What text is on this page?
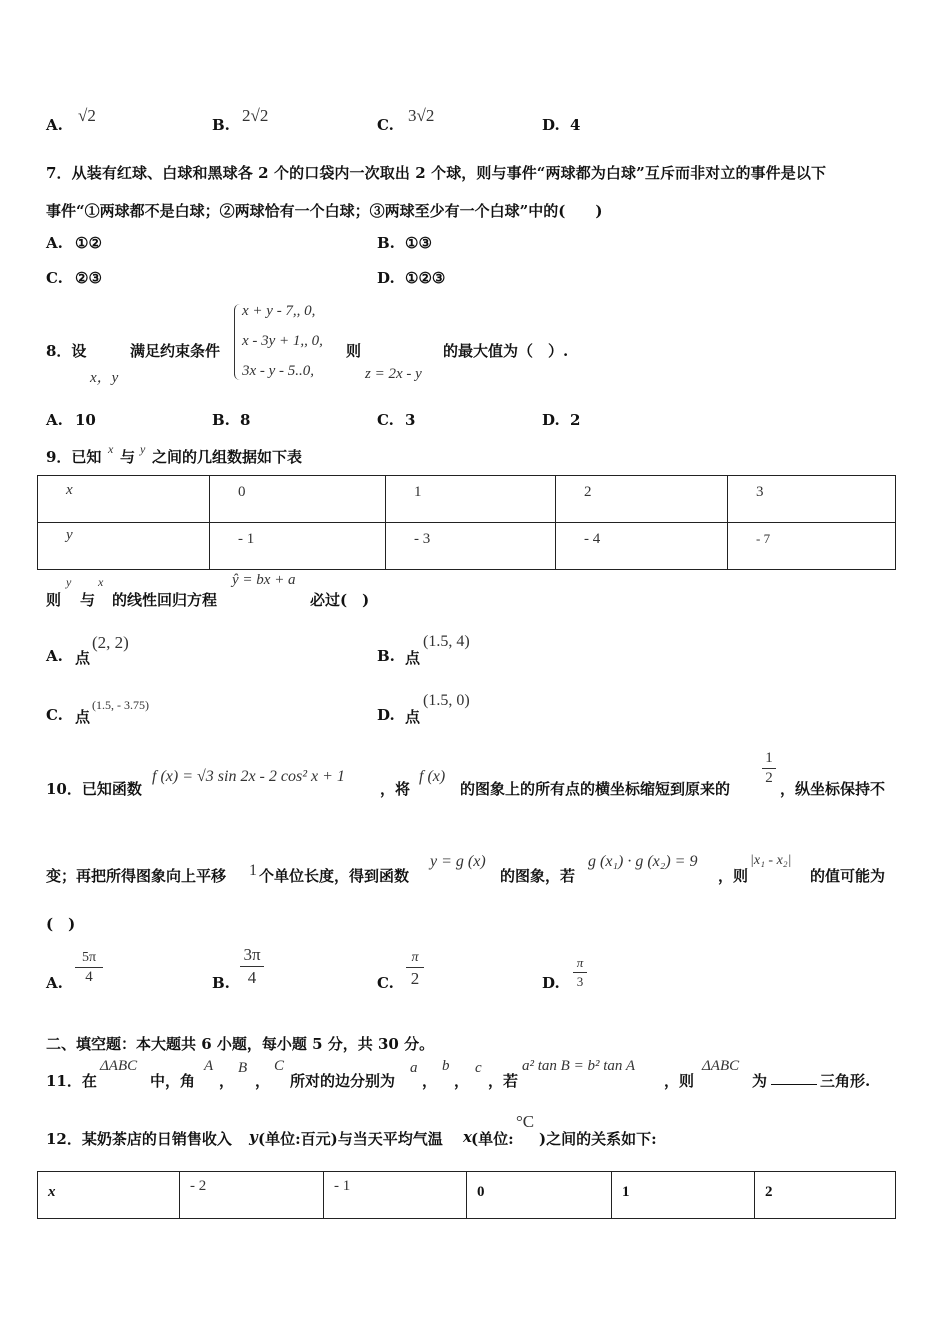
A. √2	B. 2√2	C. 3√2	D. 4
7．从装有红球、白球和黑球各 2 个的口袋内一次取出 2 个球，则与事件“两球都为白球”互斥而非对立的事件是以下
事件“①两球都不是白球；②两球恰有一个白球；③两球至少有一个白球”中的(　　)
A. ①②	B. ①③
C. ②③	D. ①②③
8．设
x，y
满足约束条件
x + y - 7,, 0,
x - 3y + 1,, 0,
3x - y - 5..0,
则
z = 2x - y
的最大值为（　）.
A. 10	B. 8	C. 3	D. 2
9．已知 x 与 y 之间的几组数据如下表
x	0	1	2	3

y	- 1	- 3	- 4	- 7
则
y
与
x
的线性回归方程
ŷ = bx + a
必过(　)
A. 点
(2, 2)
B. 点
(1.5, 4)
C. 点
(1.5, - 3.75)
D. 点
(1.5, 0)
10．已知函数
f (x) = √3 sin 2x - 2 cos² x + 1
，将
f (x)
的图象上的所有点的横坐标缩短到原来的
1
2
，纵坐标保持不
变；再把所得图象向上平移 1 个单位长度，得到函数
y = g (x)
的图象，若
g (x₁) · g (x₂) = 9
，则
|x₁ - x₂|
的值可能为
(　)
A.
5π
4	B.
3π
4	C.
π
2	D.
π
3
二、填空题：本大题共 6 小题，每小题 5 分，共 30 分。
11．在
ΔABC
中，角
A
，
B
，
C
所对的边分别为
a
，
b
，
c
，若
a² tan B = b² tan A
，则
ΔABC
为	三角形.
12．某奶茶店的日销售收入 y (单位:百元)与当天平均气温 x (单位:
°C
)之间的关系如下:
x	- 2	- 1	0	1	2
